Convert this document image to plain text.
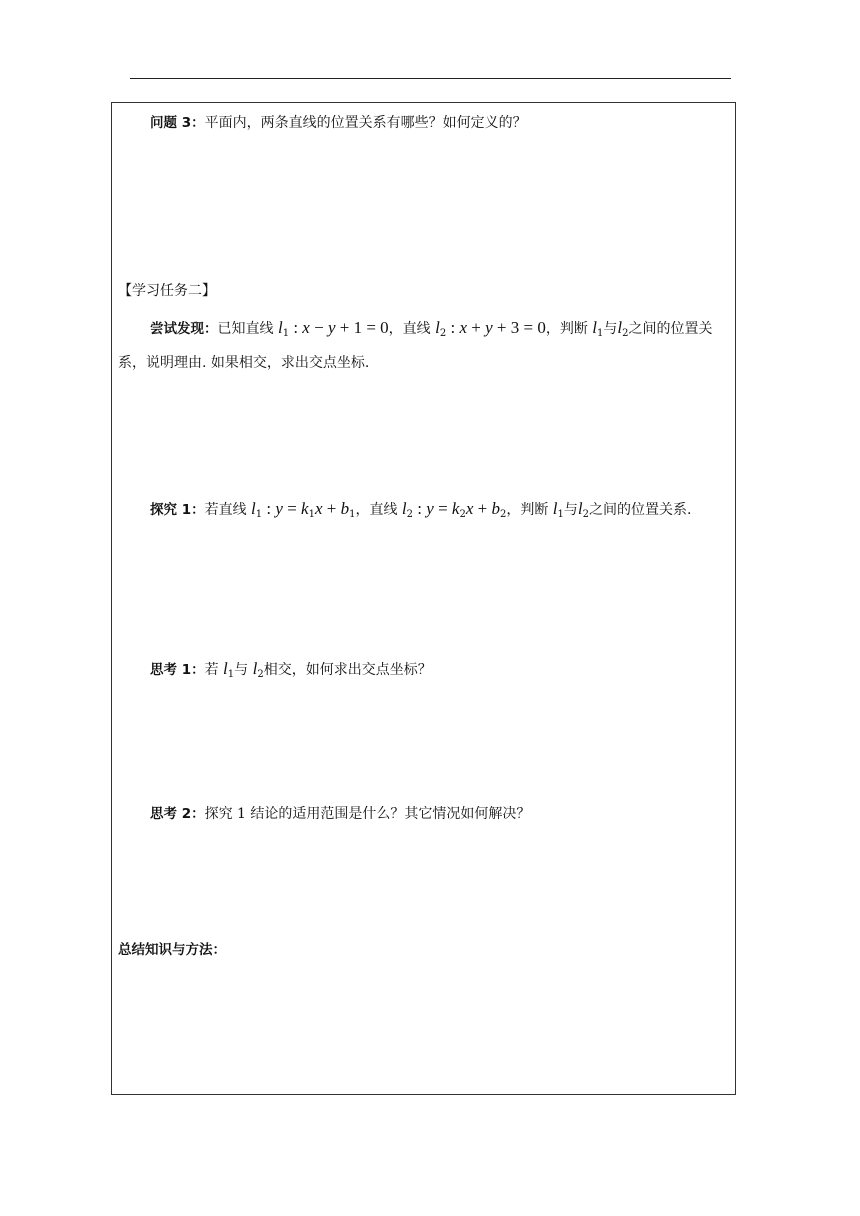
问题 3：平面内，两条直线的位置关系有哪些？如何定义的？
【学习任务二】
尝试发现：已知直线 $l_1$ : x − y + 1 = 0，直线 $l_2$ : x + y + 3 = 0，判断 $l_1$与$l_2$之间的位置关
系，说明理由. 如果相交，求出交点坐标.
探究 1：若直线 $l_1$ : $y = k_1x + b_1$，直线 $l_2$ : $y = k_2x + b_2$，判断 $l_1$与$l_2$之间的位置关系.
思考 1：若 $l_1$与 $l_2$相交，如何求出交点坐标？
思考 2：探究 1 结论的适用范围是什么？其它情况如何解决？
总结知识与方法：
